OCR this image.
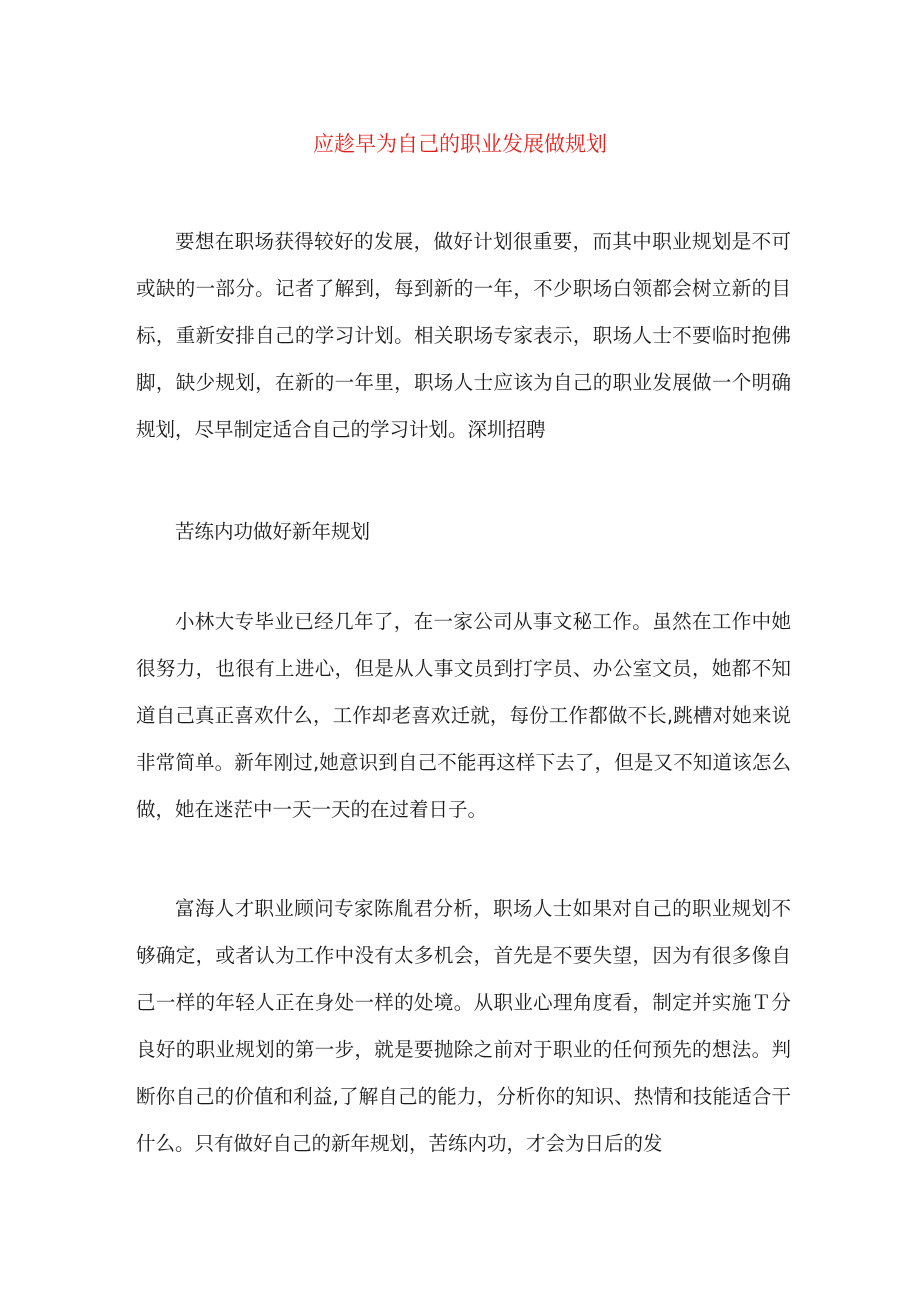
应趁早为自己的职业发展做规划

要想在职场获得较好的发展，做好计划很重要，而其中职业规划是不可或缺的一部分。记者了解到，每到新的一年，不少职场白领都会树立新的目标，重新安排自己的学习计划。相关职场专家表示，职场人士不要临时抱佛脚，缺少规划，在新的一年里，职场人士应该为自己的职业发展做一个明确规划，尽早制定适合自己的学习计划。深圳招聘

苦练内功做好新年规划

小林大专毕业已经几年了，在一家公司从事文秘工作。虽然在工作中她很努力，也很有上进心，但是从人事文员到打字员、办公室文员，她都不知道自己真正喜欢什么，工作却老喜欢迁就，每份工作都做不长,跳槽对她来说非常简单。新年刚过,她意识到自己不能再这样下去了，但是又不知道该怎么做，她在迷茫中一天一天的在过着日子。

富海人才职业顾问专家陈胤君分析，职场人士如果对自己的职业规划不够确定，或者认为工作中没有太多机会，首先是不要失望，因为有很多像自己一样的年轻人正在身处一样的处境。从职业心理角度看，制定并实施Ｔ分良好的职业规划的第一步，就是要抛除之前对于职业的任何预先的想法。判断你自己的价值和利益,了解自己的能力，分析你的知识、热情和技能适合干什么。只有做好自己的新年规划，苦练内功，才会为日后的发
